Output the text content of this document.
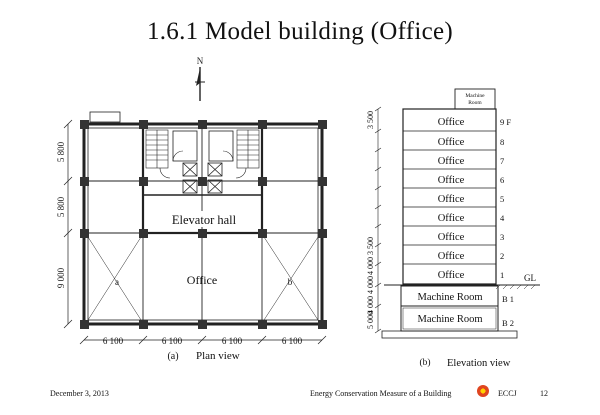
1.6.1 Model building (Office)
N
5 800
5 800
9 000
6 100	6 100	6 100	6 100
Elevator hall
Office
a	b
(a) Plan view
Machine
Room
3 500
4 000 3 500
4 000 4 000
5 000
Office
Office
Office
Office
Office
Office
Office
Office
Office
9 F
8
7
6
5
4
3
2
1 GL
Machine Room
Machine Room
B 1
B 2
(b) Elevation view
December 3, 2013	Energy Conservation Measure of a Building	ECCJ	12
